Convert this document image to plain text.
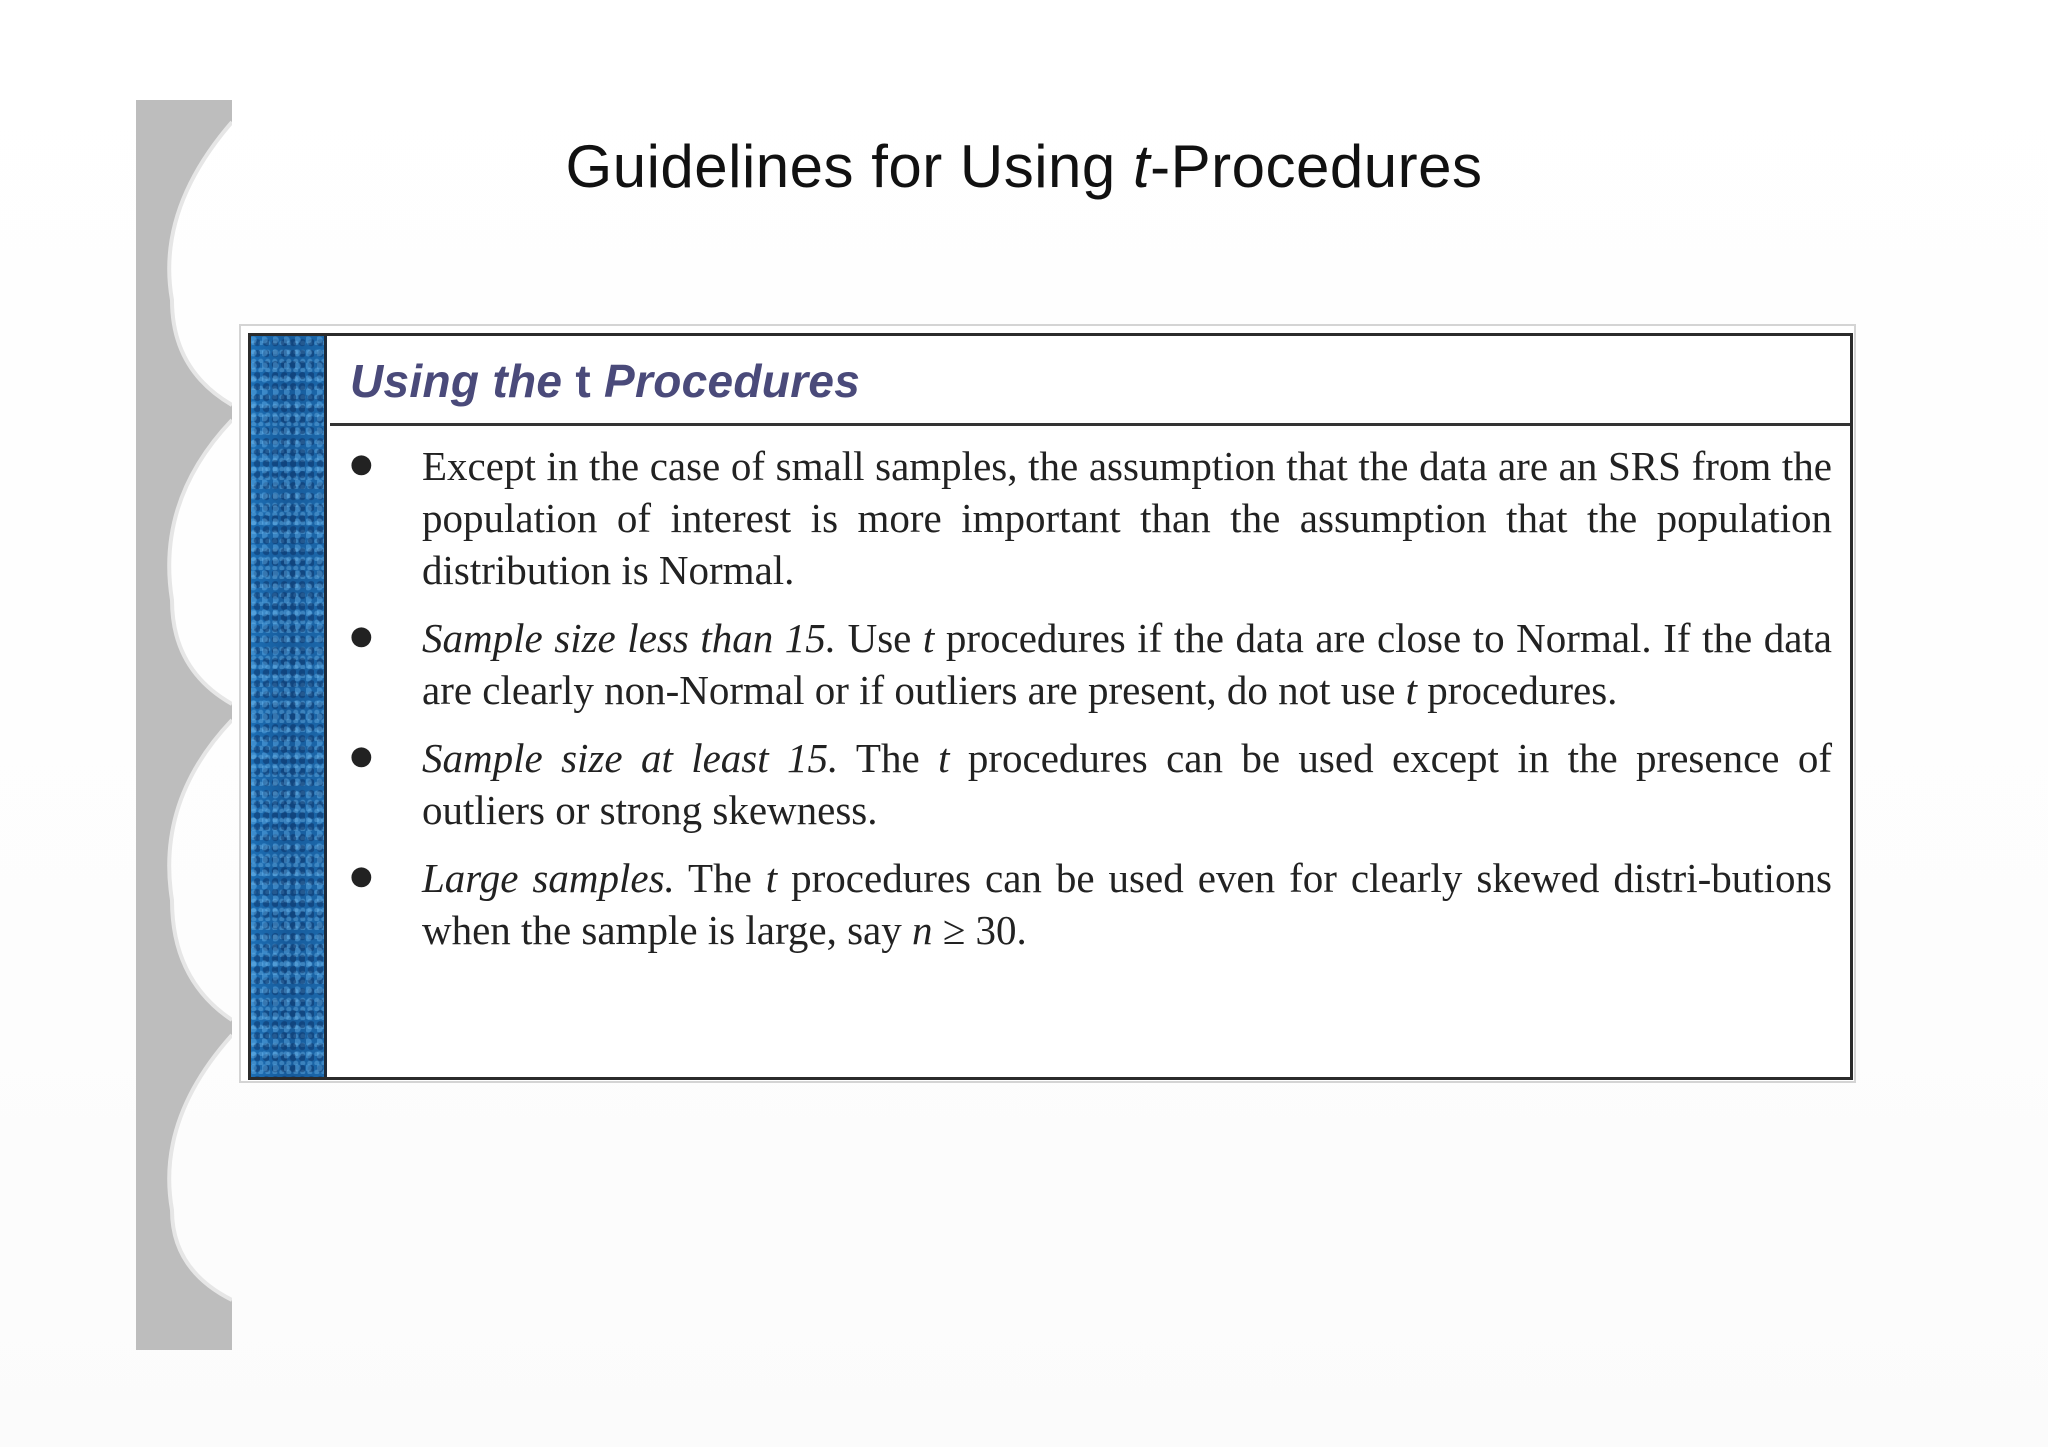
Guidelines for Using t-Procedures
Using the t Procedures
● Except in the case of small samples, the assumption that the data are an SRS from the population of interest is more important than the assumption that the population distribution is Normal.
● Sample size less than 15. Use t procedures if the data are close to Normal. If the data are clearly non-Normal or if outliers are present, do not use t procedures.
● Sample size at least 15. The t procedures can be used except in the presence of outliers or strong skewness.
● Large samples. The t procedures can be used even for clearly skewed distri-butions when the sample is large, say n ≥ 30.
